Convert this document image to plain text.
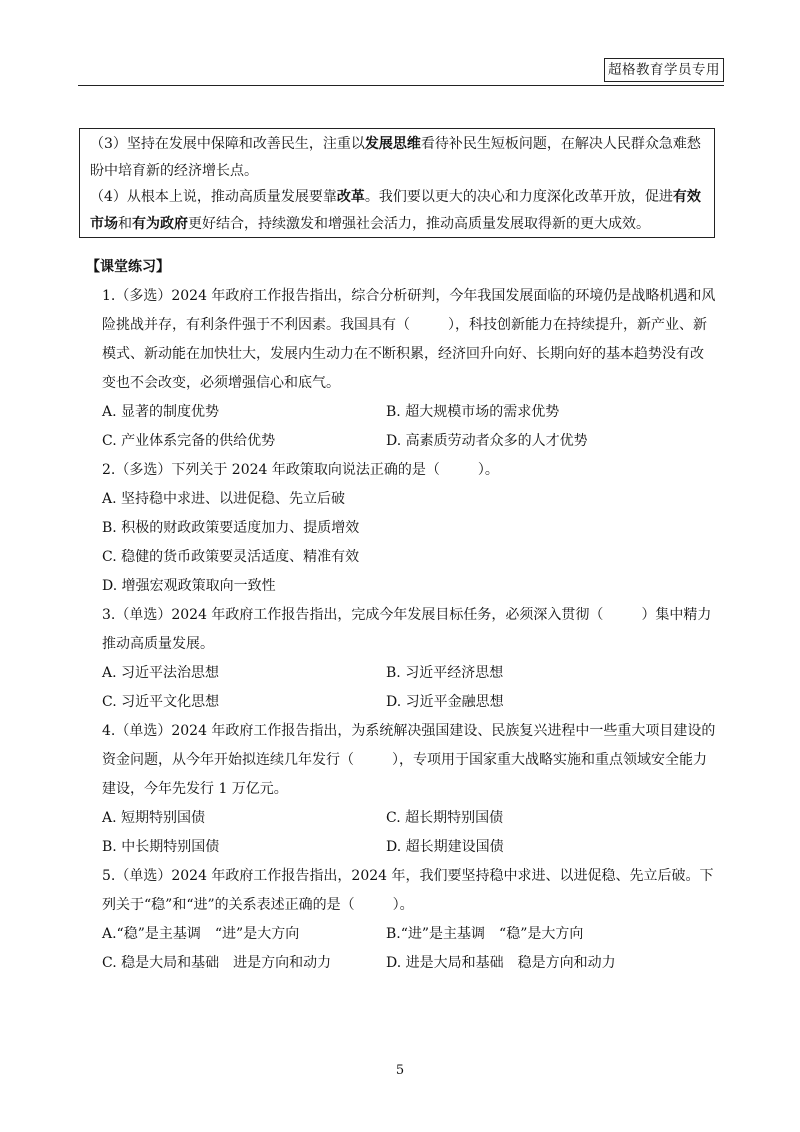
超格教育学员专用

（3）坚持在发展中保障和改善民生，注重以发展思维看待补民生短板问题，在解决人民群众急难愁盼中培育新的经济增长点。

（4）从根本上说，推动高质量发展要靠改革。我们要以更大的决心和力度深化改革开放，促进有效市场和有为政府更好结合，持续激发和增强社会活力，推动高质量发展取得新的更大成效。

【课堂练习】

1.（多选）2024 年政府工作报告指出，综合分析研判，今年我国发展面临的环境仍是战略机遇和风险挑战并存，有利条件强于不利因素。我国具有（	），科技创新能力在持续提升，新产业、新模式、新动能在加快壮大，发展内生动力在不断积累，经济回升向好、长期向好的基本趋势没有改变也不会改变，必须增强信心和底气。

A. 显著的制度优势	B. 超大规模市场的需求优势
C. 产业体系完备的供给优势	D. 高素质劳动者众多的人才优势

2.（多选）下列关于 2024 年政策取向说法正确的是（	）。

A. 坚持稳中求进、以进促稳、先立后破
B. 积极的财政政策要适度加力、提质增效
C. 稳健的货币政策要灵活适度、精准有效
D. 增强宏观政策取向一致性

3.（单选）2024 年政府工作报告指出，完成今年发展目标任务，必须深入贯彻（	）集中精力推动高质量发展。

A. 习近平法治思想	B. 习近平经济思想
C. 习近平文化思想	D. 习近平金融思想

4.（单选）2024 年政府工作报告指出，为系统解决强国建设、民族复兴进程中一些重大项目建设的资金问题，从今年开始拟连续几年发行（	），专项用于国家重大战略实施和重点领域安全能力建设，今年先发行 1 万亿元。

A. 短期特别国债	C. 超长期特别国债
B. 中长期特别国债	D. 超长期建设国债

5.（单选）2024 年政府工作报告指出，2024 年，我们要坚持稳中求进、以进促稳、先立后破。下列关于“稳”和“进”的关系表述正确的是（	）。

A.“稳”是主基调　“进”是大方向	B.“进”是主基调　“稳”是大方向
C. 稳是大局和基础　进是方向和动力	D. 进是大局和基础　稳是方向和动力
5
